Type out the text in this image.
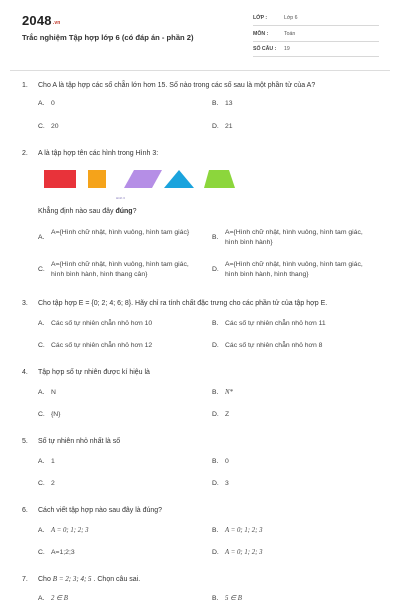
2048.vn
Trắc nghiệm Tập hợp lớp 6 (có đáp án - phần 2)
LỚP :	Lớp 6
MÔN :	Toán
SỐ CÂU : 19
1. Cho A là tập hợp các số chẵn lớn hơn 15. Số nào trong các số sau là một phần tử của A?
A. 0	B. 13
C. 20	D. 21
2. A là tập hợp tên các hình trong Hình 3:
Hình 3
Khẳng định nào sau đây đúng?
A.
A={Hình chữ nhật, hình vuông, hình tam giác}
B.
A={Hình chữ nhật, hình vuông, hình tam giác, hình bình hành}
C.
A={Hình chữ nhật, hình vuông, hình tam giác, hình bình hành, hình thang cân}
D.
A={Hình chữ nhật, hình vuông, hình tam giác, hình bình hành, hình thang}
3. Cho tập hợp E = {0; 2; 4; 6; 8}. Hãy chỉ ra tính chất đặc trưng cho các phần tử của tập hợp E.
A. Các số tự nhiên chẵn nhỏ hơn 10	B. Các số tự nhiên chẵn nhỏ hơn 11
C. Các số tự nhiên chẵn nhỏ hơn 12	D. Các số tự nhiên chẵn nhỏ hơn 8
4. Tập hợp số tự nhiên được kí hiệu là
A. N	B. N*
C. {N}	D. Z
5. Số tự nhiên nhỏ nhất là số
A. 1	B. 0
C. 2	D. 3
6. Cách viết tập hợp nào sau đây là đúng?
A. A = 0; 1; 2; 3	B. A = 0; 1; 2; 3
C. A=1;2;3	D. A = 0; 1; 2; 3
7. Cho B = 2; 3; 4; 5 . Chọn câu sai.
A. 2 ∈ B	B. 5 ∈ B
